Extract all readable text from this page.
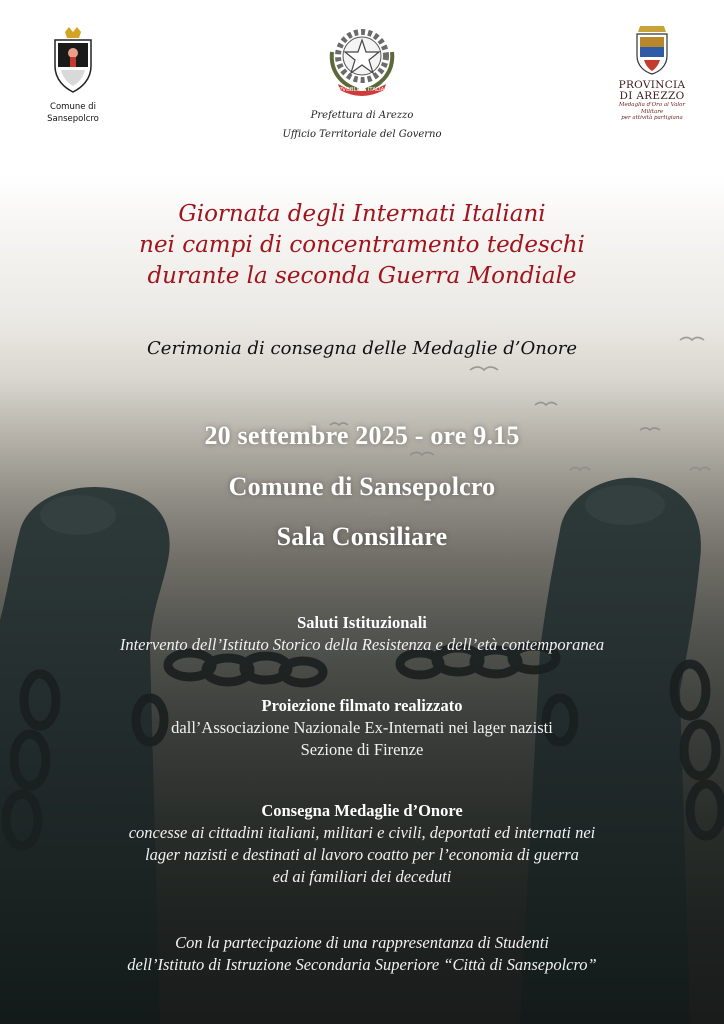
Comune di
Sansepolcro
REPVBBLICA ITALIANA
Prefettura di Arezzo
Ufficio Territoriale del Governo
PROVINCIA
DI AREZZO
Medaglia d'Oro al Valor Militare
per attività partigiana
Giornata degli Internati Italiani
nei campi di concentramento tedeschi
durante la seconda Guerra Mondiale
Cerimonia di consegna delle Medaglie d’Onore
20 settembre 2025 - ore 9.15
Comune di Sansepolcro
Sala Consiliare
Saluti Istituzionali
Intervento dell’Istituto Storico della Resistenza e dell’età contemporanea
Proiezione filmato realizzato
dall’Associazione Nazionale Ex-Internati nei lager nazisti
Sezione di Firenze
Consegna Medaglie d’Onore
concesse ai cittadini italiani, militari e civili, deportati ed internati nei
lager nazisti e destinati al lavoro coatto per l’economia di guerra
ed ai familiari dei deceduti
Con la partecipazione di una rappresentanza di Studenti
dell’Istituto di Istruzione Secondaria Superiore “Città di Sansepolcro”
